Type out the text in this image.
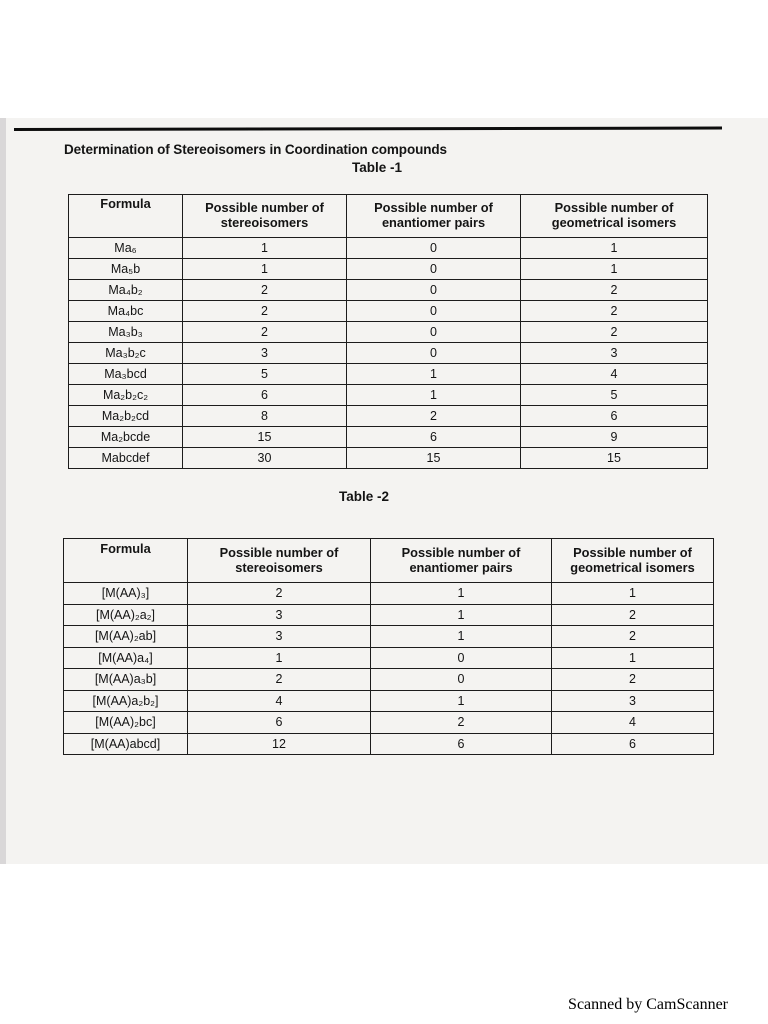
Determination of Stereoisomers in Coordination compounds
Table -1
Formula	Possible number of stereoisomers	Possible number of enantiomer pairs	Possible number of geometrical isomers
Ma₆	1	0	1
Ma₅b	1	0	1
Ma₄b₂	2	0	2
Ma₄bc	2	0	2
Ma₃b₃	2	0	2
Ma₃b₂c	3	0	3
Ma₃bcd	5	1	4
Ma₂b₂c₂	6	1	5
Ma₂b₂cd	8	2	6
Ma₂bcde	15	6	9
Mabcdef	30	15	15
Table -2
Formula	Possible number of stereoisomers	Possible number of enantiomer pairs	Possible number of geometrical isomers
[M(AA)₃]	2	1	1
[M(AA)₂a₂]	3	1	2
[M(AA)₂ab]	3	1	2
[M(AA)a₄]	1	0	1
[M(AA)a₃b]	2	0	2
[M(AA)a₂b₂]	4	1	3
[M(AA)₂bc]	6	2	4
[M(AA)abcd]	12	6	6
Scanned by CamScanner
